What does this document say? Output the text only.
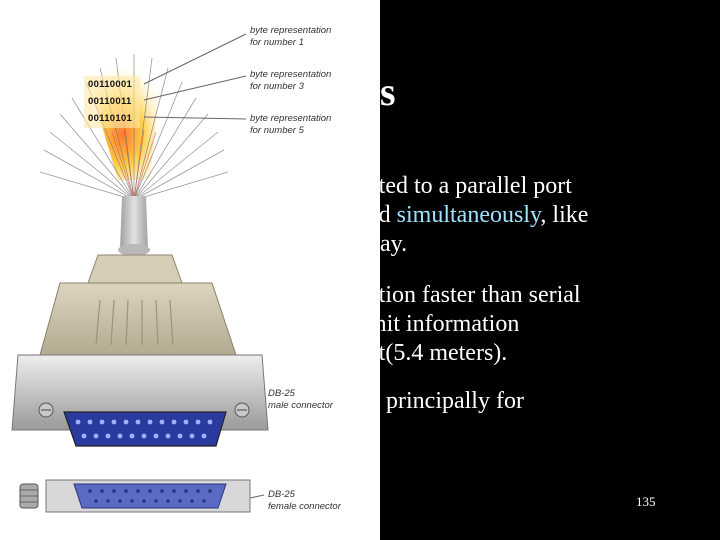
00110001
00110011
00110101
byte representation
for number 1
byte representation
for number 3
byte representation
for number 5
DB-25
male connector
DB-25
female connector
s
cted to a parallel port
ed simultaneously, like
vay.
ation faster than serial
mit information
et(5.4 meters).
d principally for
135
